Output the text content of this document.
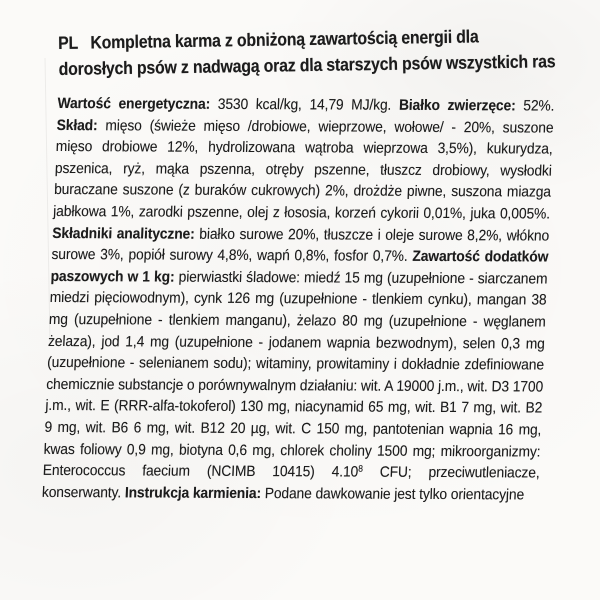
PL Kompletna karma z obniżoną zawartością energii dla dorosłych psów z nadwagą oraz dla starszych psów wszystkich ras

Wartość energetyczna: 3530 kcal/kg, 14,79 MJ/kg. Białko zwierzęce: 52%. Skład: mięso (świeże mięso /drobiowe, wieprzowe, wołowe/ - 20%, suszone mięso drobiowe 12%, hydrolizowana wątroba wieprzowa 3,5%), kukurydza, pszenica, ryż, mąka pszenna, otręby pszenne, tłuszcz drobiowy, wysłodki buraczane suszone (z buraków cukrowych) 2%, drożdże piwne, suszona miazga jabłkowa 1%, zarodki pszenne, olej z łososia, korzeń cykorii 0,01%, juka 0,005%. Składniki analityczne: białko surowe 20%, tłuszcze i oleje surowe 8,2%, włókno surowe 3%, popiół surowy 4,8%, wapń 0,8%, fosfor 0,7%. Zawartość dodatków paszowych w 1 kg: pierwiastki śladowe: miedź 15 mg (uzupełnione - siarczanem miedzi pięciowodnym), cynk 126 mg (uzupełnione - tlenkiem cynku), mangan 38 mg (uzupełnione - tlenkiem manganu), żelazo 80 mg (uzupełnione - węglanem żelaza), jod 1,4 mg (uzupełnione - jodanem wapnia bezwodnym), selen 0,3 mg (uzupełnione - selenianem sodu); witaminy, prowitaminy i dokładnie zdefiniowane chemicznie substancje o porównywalnym działaniu: wit. A 19000 j.m., wit. D3 1700 j.m., wit. E (RRR-alfa-tokoferol) 130 mg, niacynamid 65 mg, wit. B1 7 mg, wit. B2 9 mg, wit. B6 6 mg, wit. B12 20 µg, wit. C 150 mg, pantotenian wapnia 16 mg, kwas foliowy 0,9 mg, biotyna 0,6 mg, chlorek choliny 1500 mg; mikroorganizmy: Enterococcus faecium (NCIMB 10415) 4.10$^8$ CFU; przeciwutleniacze, konserwanty. Instrukcja karmienia: Podane dawkowanie jest tylko orientacyjne
